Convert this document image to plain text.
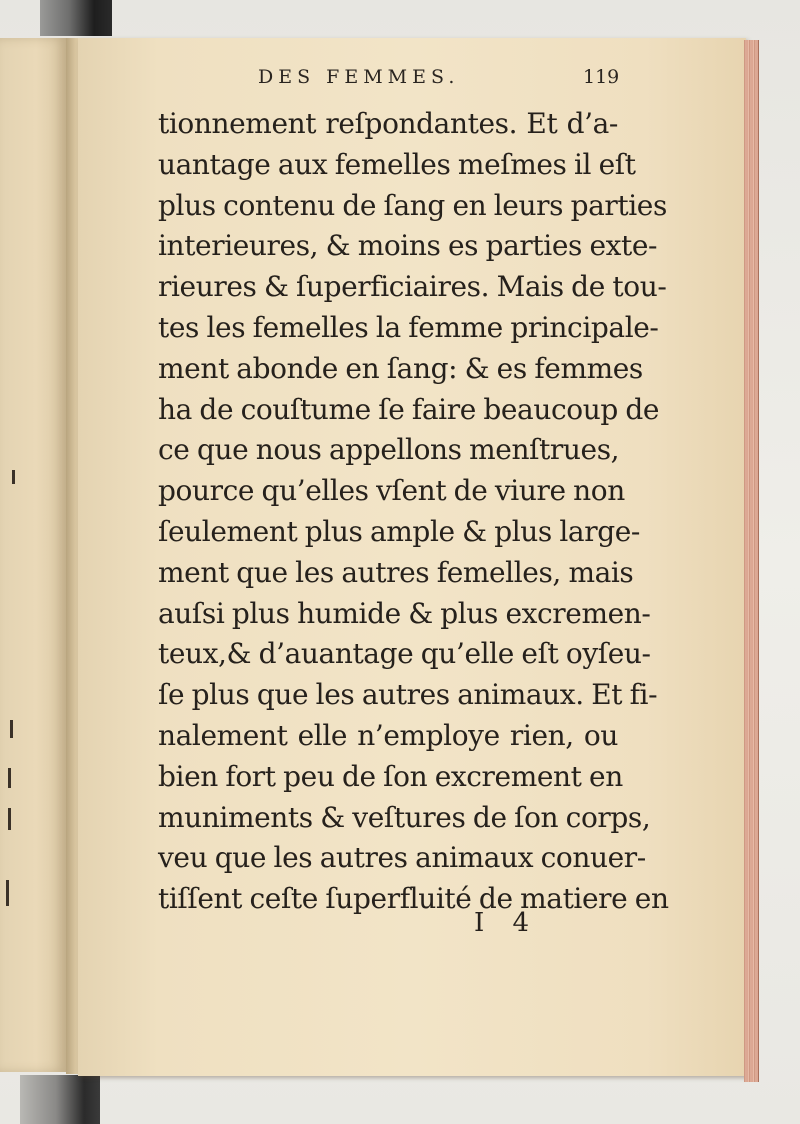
DES FEMMES.	119
tionnement reſpondantes. Et d’a-
uantage aux femelles meſmes il eſt
plus contenu de ſang en leurs parties
interieures, & moins es parties exte-
rieures & ſuperficiaires. Mais de tou-
tes les femelles la femme principale-
ment abonde en ſang: & es femmes
ha de couſtume ſe faire beaucoup de
ce que nous appellons menſtrues,
pource qu’elles vſent de viure non
ſeulement plus ample & plus large-
ment que les autres femelles, mais
auſsi plus humide & plus excremen-
teux,& d’auantage qu’elle eſt oyſeu-
ſe plus que les autres animaux. Et fi-
nalement elle n’employe rien, ou
bien fort peu de ſon excrement en
muniments & veſtures de ſon corps,
veu que les autres animaux conuer-
tiſſent ceſte ſuperfluité de matiere en
I 4
